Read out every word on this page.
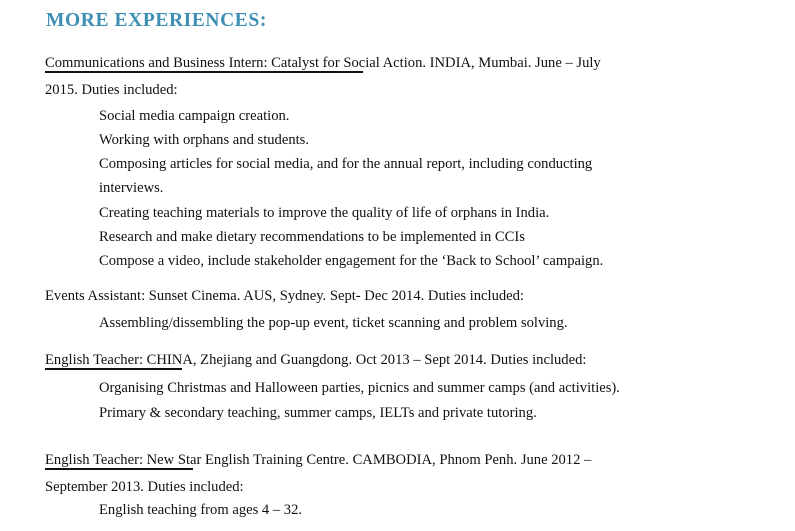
MORE EXPERIENCES:
Communications and Business Intern: Catalyst for Social Action. INDIA, Mumbai. June – July
2015. Duties included:
Social media campaign creation.
Working with orphans and students.
Composing articles for social media, and for the annual report, including conducting
interviews.
Creating teaching materials to improve the quality of life of orphans in India.
Research and make dietary recommendations to be implemented in CCIs
Compose a video, include stakeholder engagement for the ‘Back to School’ campaign.
Events Assistant: Sunset Cinema. AUS, Sydney. Sept- Dec 2014. Duties included:
Assembling/dissembling the pop-up event, ticket scanning and problem solving.
English Teacher: CHINA, Zhejiang and Guangdong. Oct 2013 – Sept 2014. Duties included:
Organising Christmas and Halloween parties, picnics and summer camps (and activities).
Primary & secondary teaching, summer camps, IELTs and private tutoring.
English Teacher: New Star English Training Centre. CAMBODIA, Phnom Penh. June 2012 –
September 2013. Duties included:
English teaching from ages 4 – 32.
